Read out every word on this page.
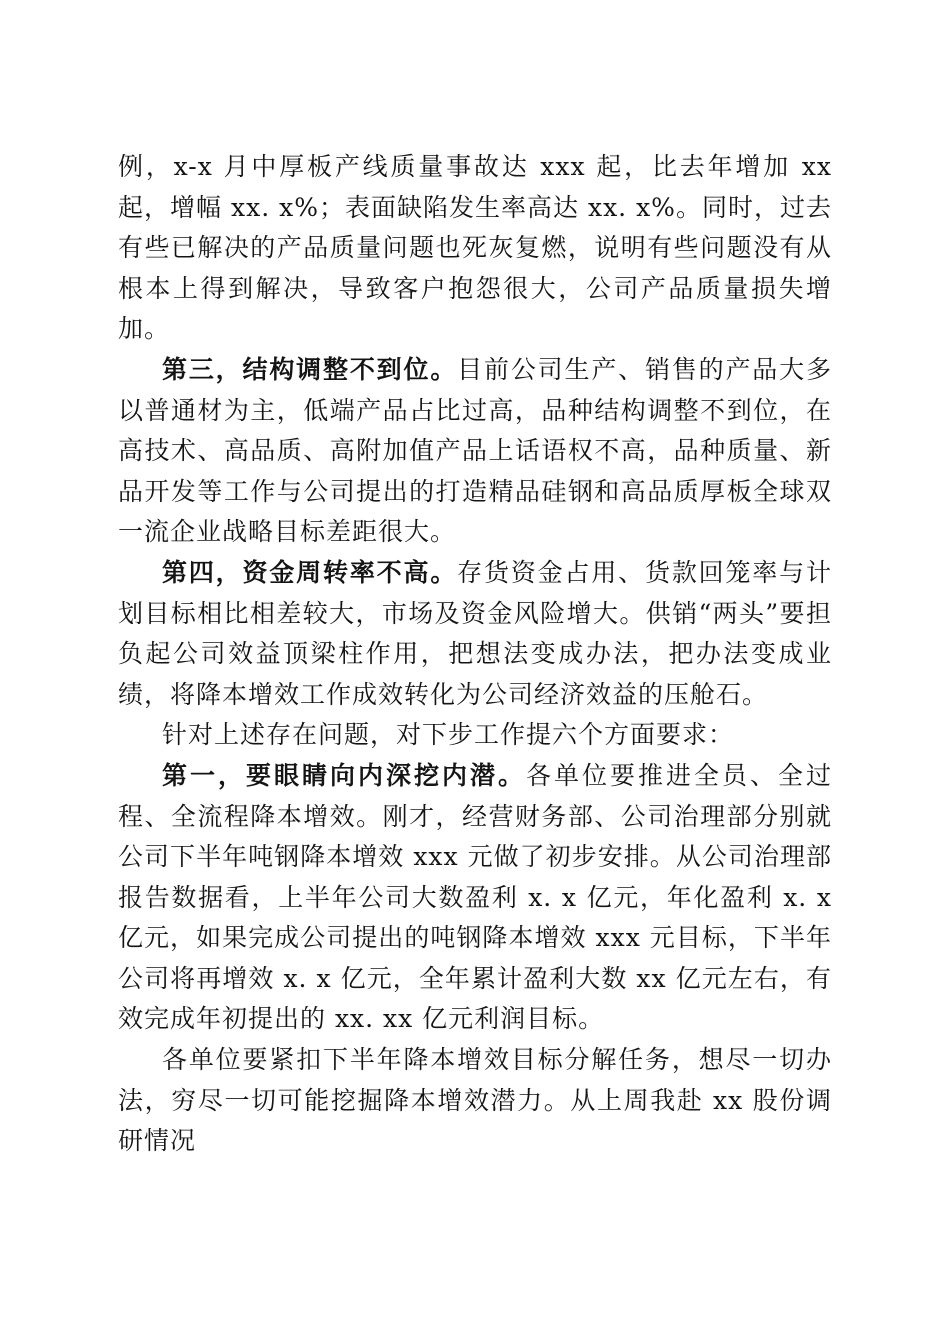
例，x-x 月中厚板产线质量事故达 xxx 起，比去年增加 xx 起，增幅 xx. x%；表面缺陷发生率高达 xx. x%。同时，过去有些已解决的产品质量问题也死灰复燃，说明有些问题没有从根本上得到解决，导致客户抱怨很大，公司产品质量损失增加。

第三，结构调整不到位。目前公司生产、销售的产品大多以普通材为主，低端产品占比过高，品种结构调整不到位，在高技术、高品质、高附加值产品上话语权不高，品种质量、新品开发等工作与公司提出的打造精品硅钢和高品质厚板全球双一流企业战略目标差距很大。

第四，资金周转率不高。存货资金占用、货款回笼率与计划目标相比相差较大，市场及资金风险增大。供销“两头”要担负起公司效益顶梁柱作用，把想法变成办法，把办法变成业绩，将降本增效工作成效转化为公司经济效益的压舱石。

针对上述存在问题，对下步工作提六个方面要求：

第一，要眼睛向内深挖内潜。各单位要推进全员、全过程、全流程降本增效。刚才，经营财务部、公司治理部分别就公司下半年吨钢降本增效 xxx 元做了初步安排。从公司治理部报告数据看，上半年公司大数盈利 x. x 亿元，年化盈利 x. x 亿元，如果完成公司提出的吨钢降本增效 xxx 元目标，下半年公司将再增效 x. x 亿元，全年累计盈利大数 xx 亿元左右，有效完成年初提出的 xx. xx 亿元利润目标。

各单位要紧扣下半年降本增效目标分解任务，想尽一切办法，穷尽一切可能挖掘降本增效潜力。从上周我赴 xx 股份调研情况
